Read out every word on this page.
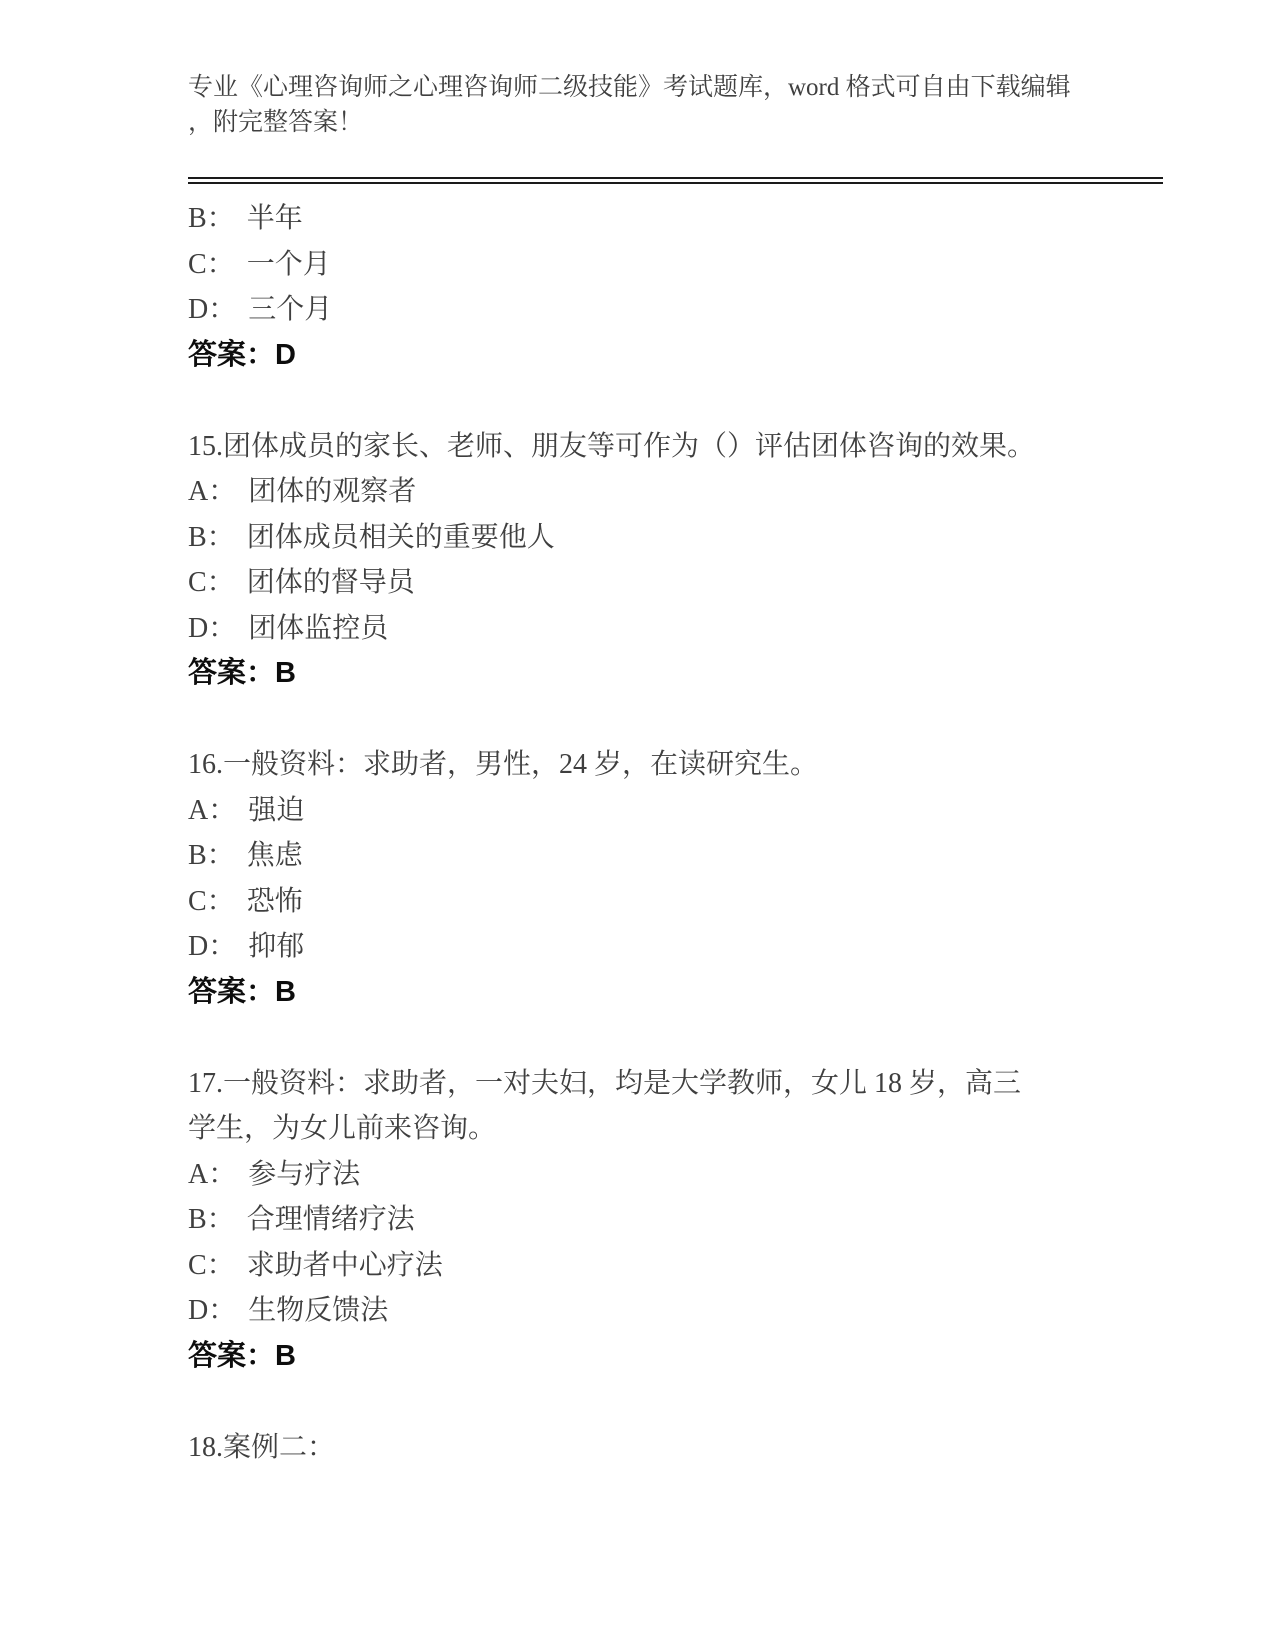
专业《心理咨询师之心理咨询师二级技能》考试题库，word 格式可自由下载编辑
，附完整答案！
B： 半年
C： 一个月
D： 三个月
答案：D
15.团体成员的家长、老师、朋友等可作为（）评估团体咨询的效果。
A： 团体的观察者
B： 团体成员相关的重要他人
C： 团体的督导员
D： 团体监控员
答案：B
16.一般资料：求助者，男性，24 岁，在读研究生。
A： 强迫
B： 焦虑
C： 恐怖
D： 抑郁
答案：B
17.一般资料：求助者，一对夫妇，均是大学教师，女儿 18 岁，高三
学生，为女儿前来咨询。
A： 参与疗法
B： 合理情绪疗法
C： 求助者中心疗法
D： 生物反馈法
答案：B
18.案例二：
